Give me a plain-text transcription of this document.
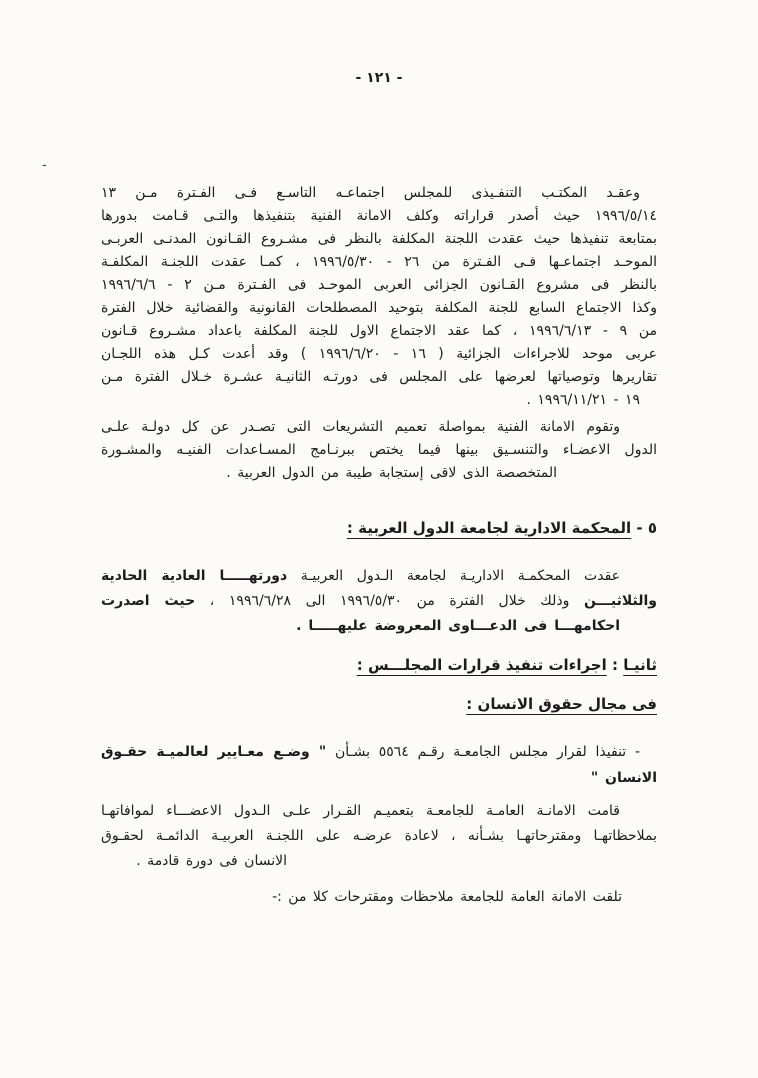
- ١٢١ -
-
وعقـد المكتـب التنفـيذى للمجلس اجتماعـه التاسـع فـى الفـترة مـن ١٣
١٩٩٦/٥/١٤ حيث أصدر قراراته وكلف الامانة الفنية بتنفيذها والتـى قـامت بدورها
بمتابعة تنفيذها حيث عقدت اللجنة المكلفة بالنظر فى مشـروع القـانون المدنـى العربـى
الموحـد اجتماعـها فـى الفـترة من ٢٦ - ١٩٩٦/٥/٣٠ ، كمـا عقدت اللجنـة المكلفـة
بالنظر فى مشروع القـانون الجزائى العربى الموحـد فى الفـترة مـن ٢ - ١٩٩٦/٦/٦
وكذا الاجتماع السابع للجنة المكلفة بتوحيد المصطلحات القانونية والقضائية خلال الفترة
من ٩ - ١٩٩٦/٦/١٣ ، كما عقد الاجتماع الاول للجنة المكلفة باعداد مشـروع قـانون
عربى موحد للاجراءات الجزائية ( ١٦ - ١٩٩٦/٦/٢٠ ) وقد أعدت كـل هذه اللجـان
تقاريرها وتوصياتها لعرضها على المجلس فى دورتـه الثانيـة عشـرة خـلال الفترة مـن
١٩ - ١٩٩٦/١١/٢١ .
وتقوم الامانة الفنية بمواصلة تعميم التشريعات التى تصـدر عن كل دولـة علـى
الدول الاعضـاء والتنسـيق بينها فيما يختص ببرنـامج المسـاعدات الفنيـه والمشـورة
المتخصصة الذى لاقى إستجابة طيبة من الدول العربية .
٥ - المحكمة الادارية لجامعة الدول العربية :
عقدت المحكمـة الاداريـة لجامعة الـدول العربيـة دورتهـــــا العادية الحادية
والثلاثيـــن وذلك خلال الفترة من ١٩٩٦/٥/٣٠ الى ١٩٩٦/٦/٢٨ ، حيث اصدرت
احكامهـــا فى الدعـــاوى المعروضة عليهـــــا .
ثانيـا : اجراءات تنفيذ قرارات المجلـــس :
فى مجال حقوق الانسان :
- تنفيذا لقرار مجلس الجامعـة رقـم ٥٥٦٤ بشـأن " وضـع معـايير لعالميـة حقـوق
الانسان "
قامت الامانـة العامـة للجامعـة بتعميـم القـرار علـى الـدول الاعضـــاء لموافاتهـا
بملاحظاتهـا ومقترحاتهـا بشـأنه ، لاعادة عرضـه على اللجنـة العربيـة الدائمـة لحقـوق
الانسان فى دورة قادمة .
تلقت الامانة العامة للجامعة ملاحظات ومقترحات كلا من :-
